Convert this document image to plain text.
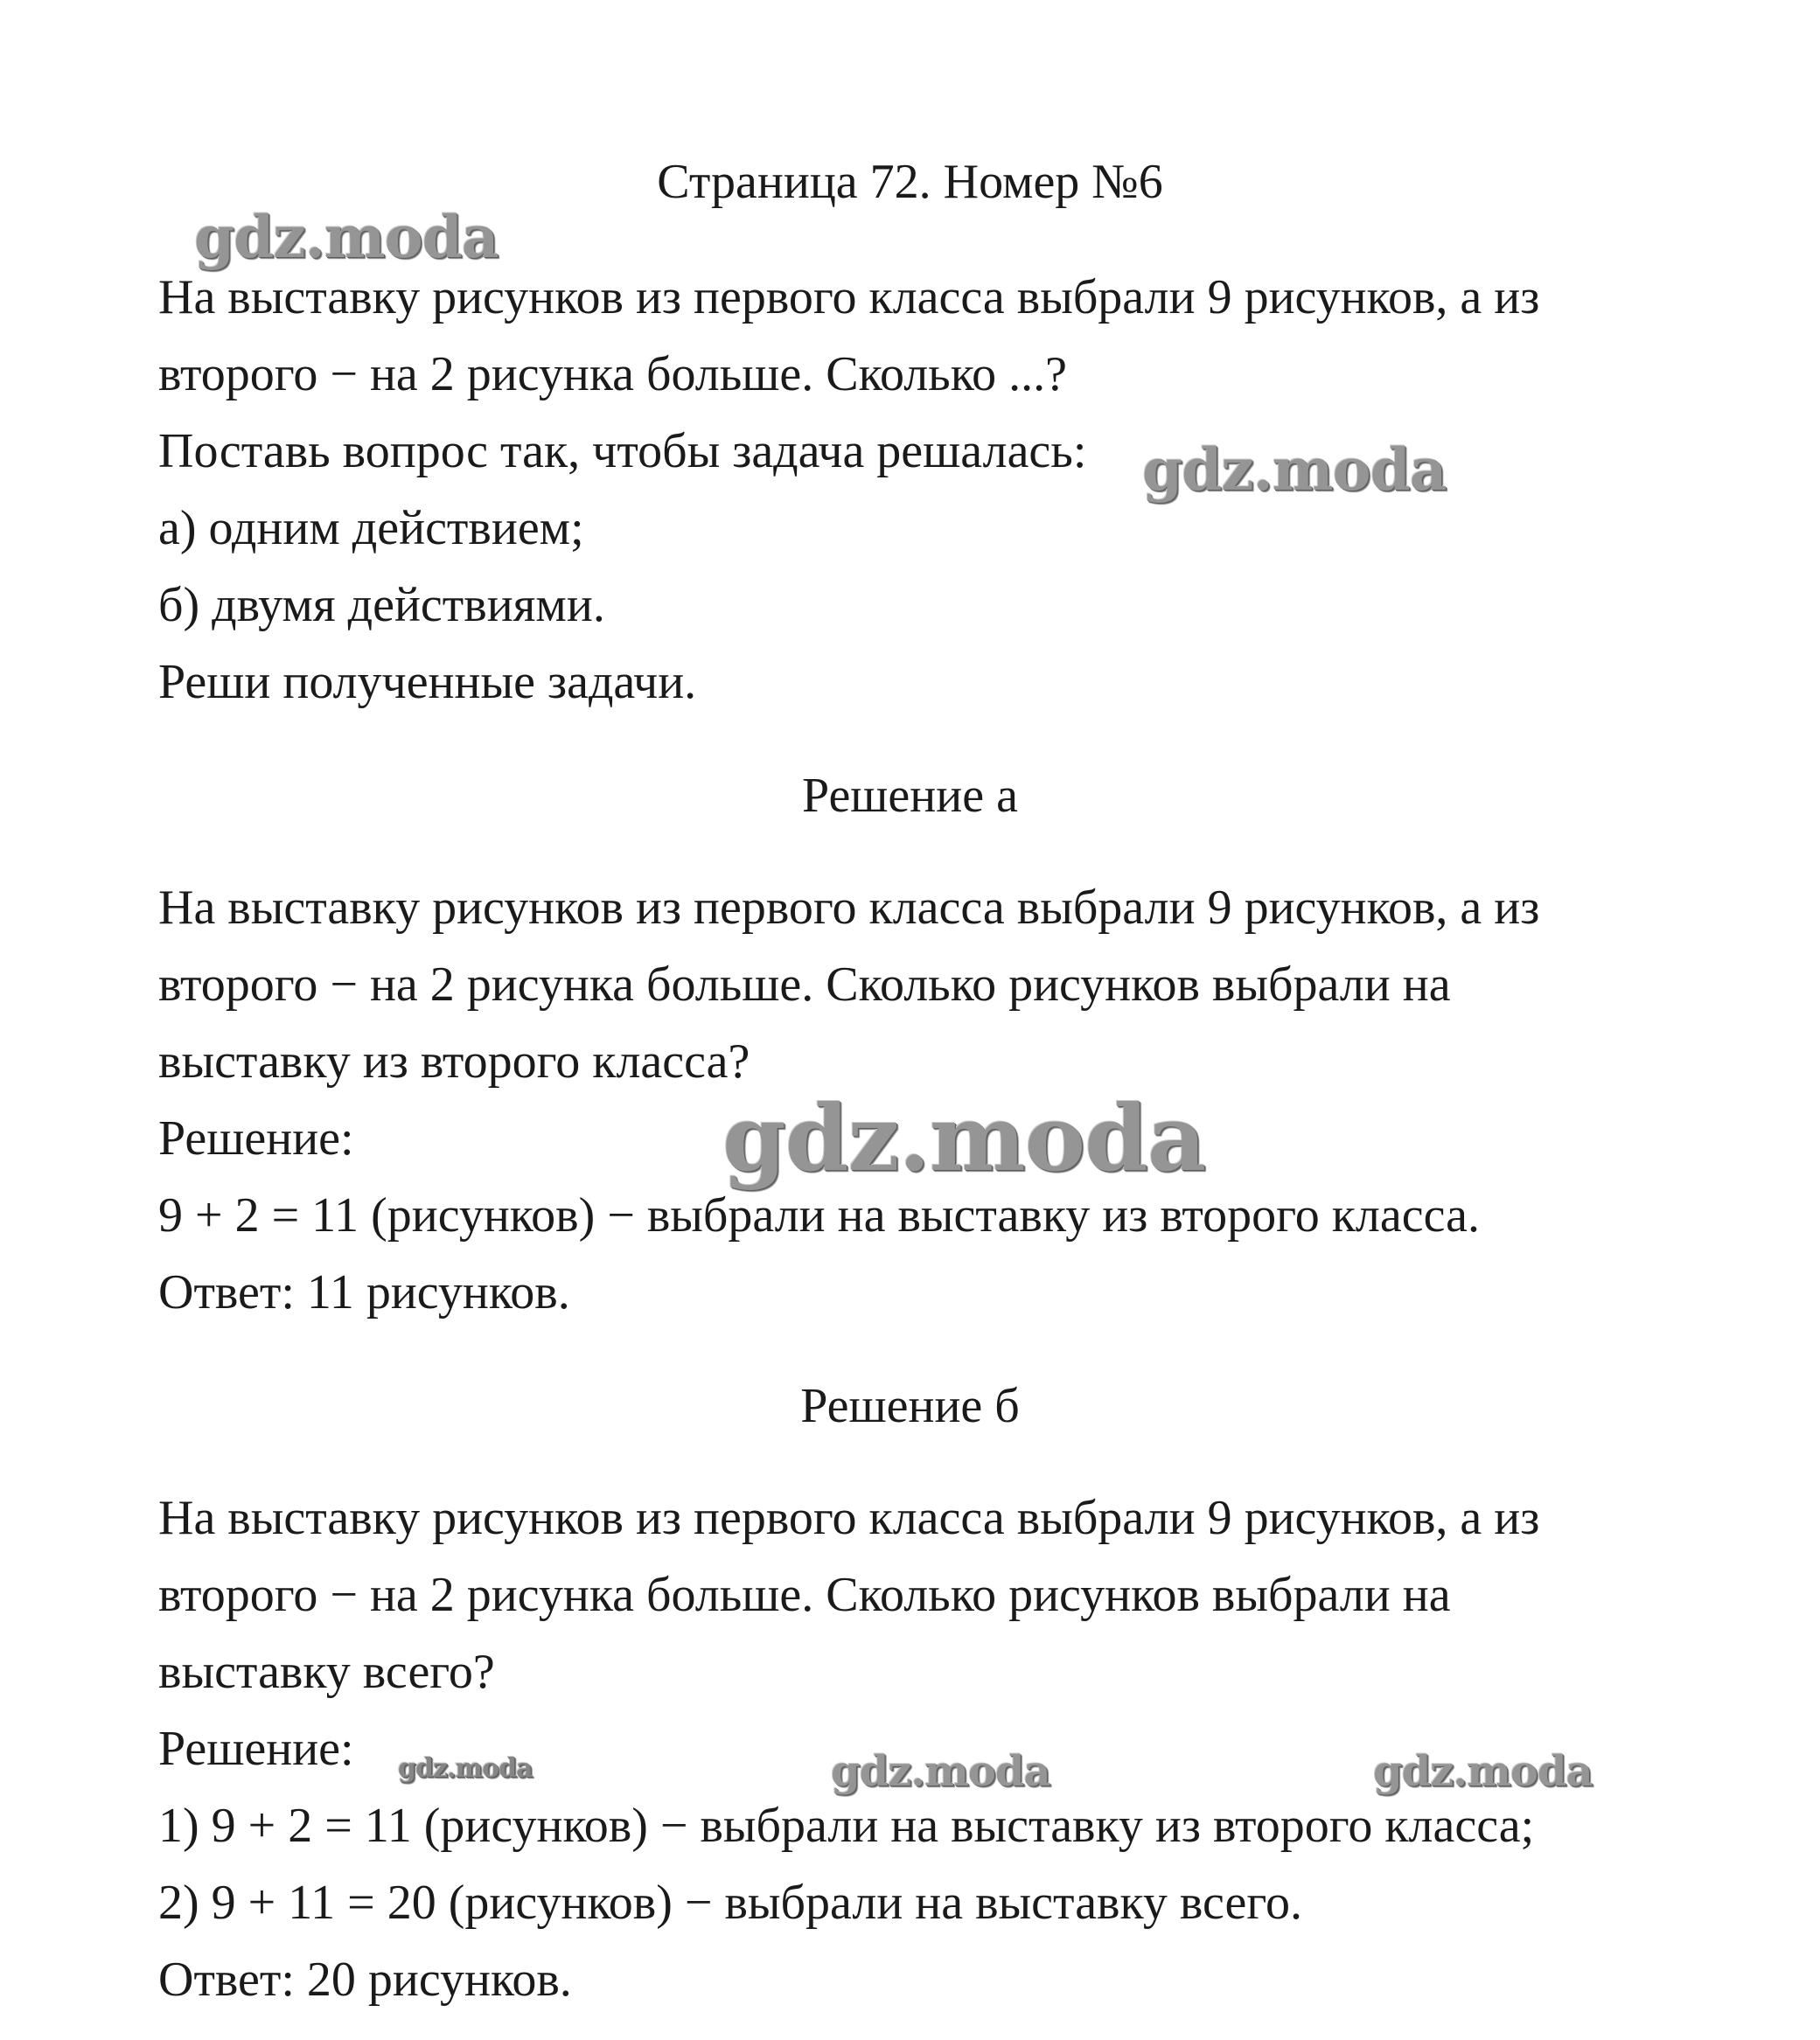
Страница 72. Номер №6
На выставку рисунков из первого класса выбрали 9 рисунков, а из
второго − на 2 рисунка больше. Сколько ...?
Поставь вопрос так, чтобы задача решалась:
а) одним действием;
б) двумя действиями.
Реши полученные задачи.
Решение а
На выставку рисунков из первого класса выбрали 9 рисунков, а из
второго − на 2 рисунка больше. Сколько рисунков выбрали на
выставку из второго класса?
Решение:
9 + 2 = 11 (рисунков) − выбрали на выставку из второго класса.
Ответ: 11 рисунков.
Решение б
На выставку рисунков из первого класса выбрали 9 рисунков, а из
второго − на 2 рисунка больше. Сколько рисунков выбрали на
выставку всего?
Решение:
1) 9 + 2 = 11 (рисунков) − выбрали на выставку из второго класса;
2) 9 + 11 = 20 (рисунков) − выбрали на выставку всего.
Ответ: 20 рисунков.
gdz.moda
gdz.moda
gdz.moda
gdz.moda	gdz.moda	gdz.moda
